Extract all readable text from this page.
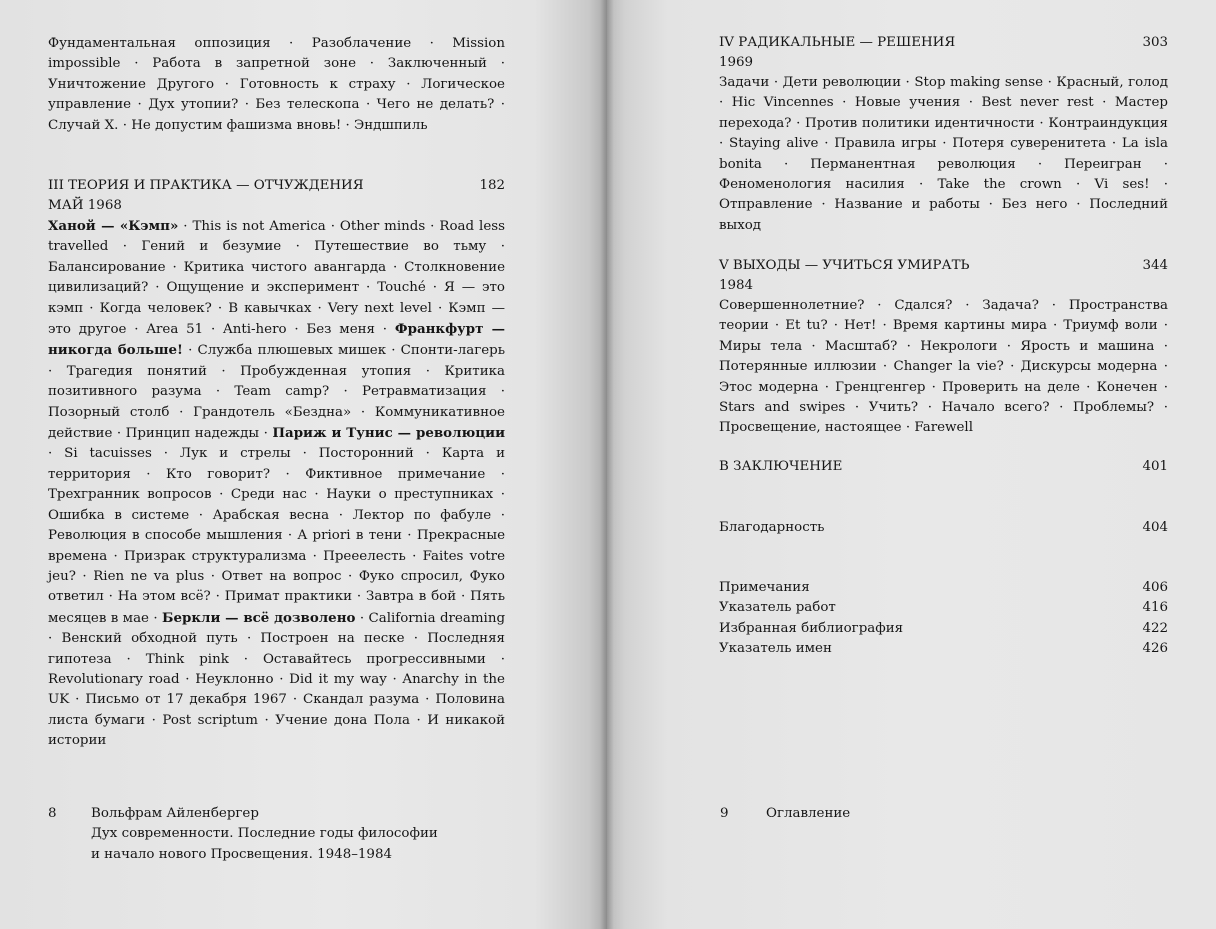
Фундаментальная оппозиция · Разоблачение · Mission impossible · Работа в запретной зоне · Заключенный · Уничтожение Другого · Готовность к страху · Логическое управление · Дух утопии? · Без телескопа · Чего не делать? · Случай X. · Не допустим фашизма вновь! · Эндшпиль

III ТЕОРИЯ И ПРАКТИКА — ОТЧУЖДЕНИЯ	182
МАЙ 1968

Ханой — «Кэмп» · This is not America · Other minds · Road less travelled · Гений и безумие · Путешествие во тьму · Балансирование · Критика чистого авангарда · Столкновение цивилизаций? · Ощущение и эксперимент · Touché · Я — это кэмп · Когда человек? · В кавычках · Very next level · Кэмп — это другое · Area 51 · Anti-hero · Без меня · Франкфурт — никогда больше! · Служба плюшевых мишек · Спонти-лагерь · Трагедия понятий · Пробужденная утопия · Критика позитивного разума · Team camp? · Ретравматизация · Позорный столб · Грандотель «Бездна» · Коммуникативное действие · Принцип надежды · Париж и Тунис — революции · Si tacuisses · Лук и стрелы · Посторонний · Карта и территория · Кто говорит? · Фиктивное примечание · Трехгранник вопросов · Среди нас · Науки о преступниках · Ошибка в системе · Арабская весна · Лектор по фабуле · Революция в способе мышления · A priori в тени · Прекрасные времена · Призрак структурализма · Прееелесть · Faites votre jeu? · Rien ne va plus · Ответ на вопрос · Фуко спросил, Фуко ответил · На этом всё? · Примат практики · Завтра в бой · Пять месяцев в мае · Беркли — всё дозволено · California dreaming · Венский обходной путь · Построен на песке · Последняя гипотеза · Think pink · Оставайтесь прогрессивными · Revolutionary road · Неуклонно · Did it my way · Anarchy in the UK · Письмо от 17 декабря 1967 · Скандал разума · Половина листа бумаги · Post scriptum · Учение дона Пола · И никакой истории

8	Вольфрам Айленбергер
Дух современности. Последние годы философии
и начало нового Просвещения. 1948–1984
IV РАДИКАЛЬНЫЕ — РЕШЕНИЯ	303
1969

Задачи · Дети революции · Stop making sense · Красный, голод · Hic Vincennes · Новые учения · Best never rest · Мастер перехода? · Против политики идентичности · Контраиндукция · Staying alive · Правила игры · Потеря суверенитета · La isla bonita · Перманентная революция · Переигран · Феноменология насилия · Take the crown · Vi ses! · Отправление · Название и работы · Без него · Последний выход

V ВЫХОДЫ — УЧИТЬСЯ УМИРАТЬ	344
1984

Совершеннолетние? · Сдался? · Задача? · Пространства теории · Et tu? · Нет! · Время картины мира · Триумф воли · Миры тела · Масштаб? · Некрологи · Ярость и машина · Потерянные иллюзии · Changer la vie? · Дискурсы модерна · Этос модерна · Гренцгенгер · Проверить на деле · Конечен · Stars and swipes · Учить? · Начало всего? · Проблемы? · Просвещение, настоящее · Farewell

В ЗАКЛЮЧЕНИЕ	401
Благодарность	404
Примечания	406
Указатель работ	416
Избранная библиография	422
Указатель имен	426
9	Оглавление
